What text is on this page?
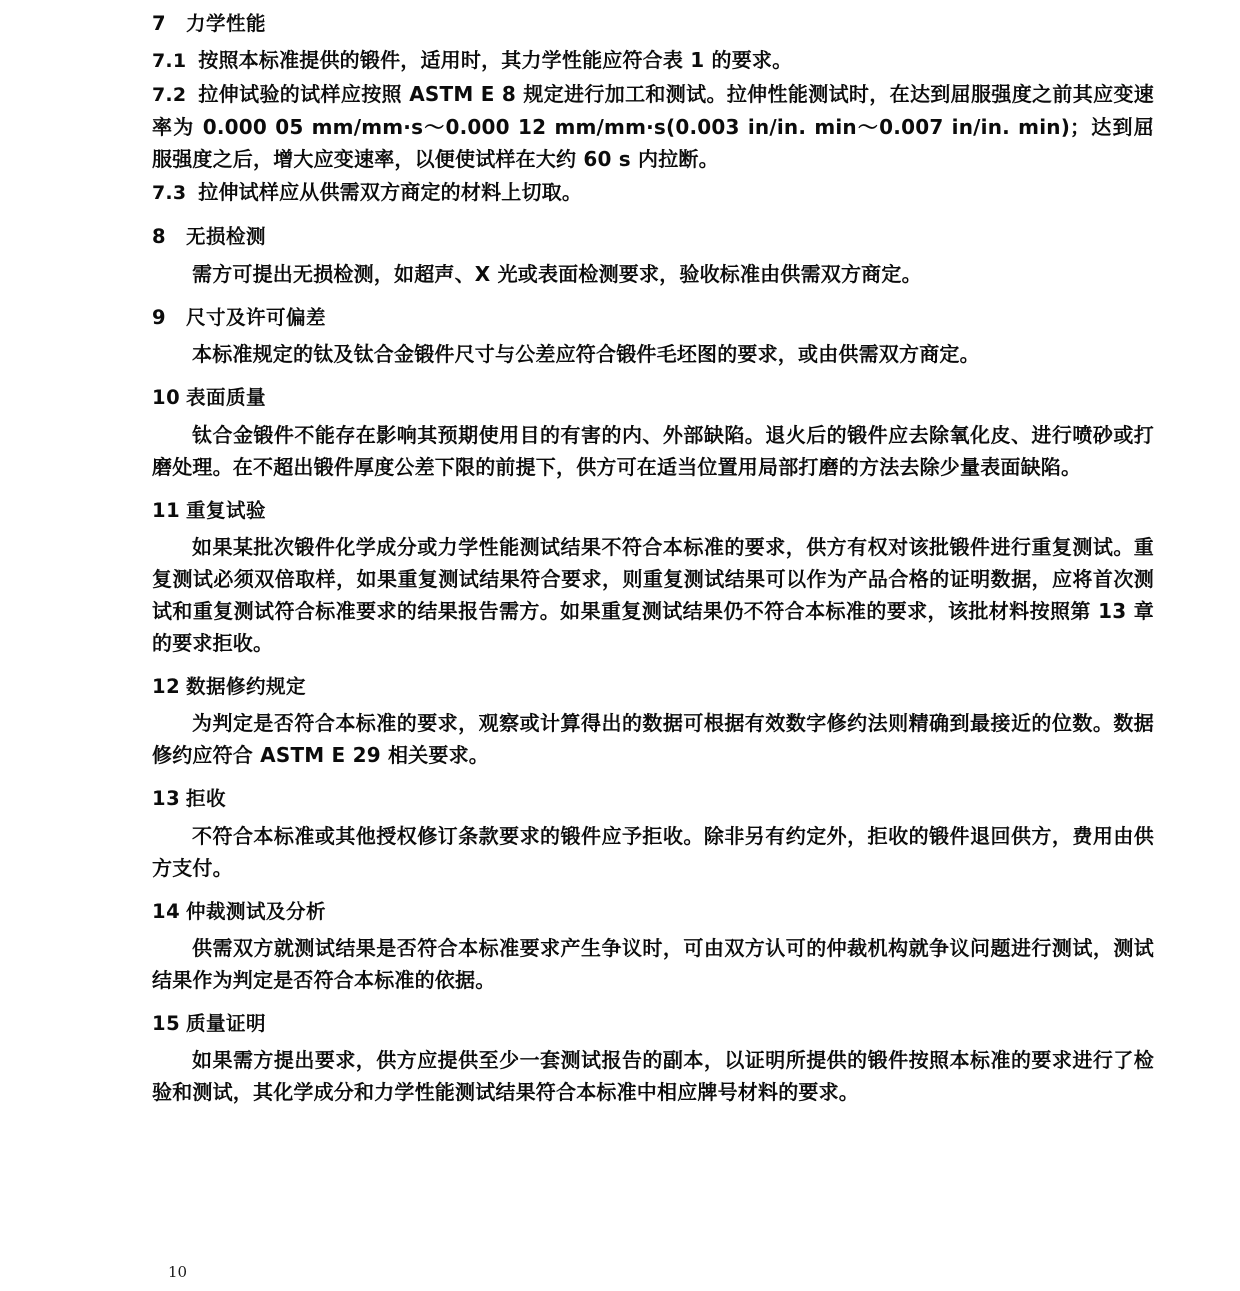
7 力学性能
7.1 按照本标准提供的锻件，适用时，其力学性能应符合表 1 的要求。
7.2 拉伸试验的试样应按照 ASTM E 8 规定进行加工和测试。拉伸性能测试时，在达到屈服强度之前其应变速率为 0.000 05 mm/mm·s～0.000 12 mm/mm·s(0.003 in/in. min～0.007 in/in. min)；达到屈服强度之后，增大应变速率，以便使试样在大约 60 s 内拉断。
7.3 拉伸试样应从供需双方商定的材料上切取。
8 无损检测
需方可提出无损检测，如超声、X 光或表面检测要求，验收标准由供需双方商定。
9 尺寸及许可偏差
本标准规定的钛及钛合金锻件尺寸与公差应符合锻件毛坯图的要求，或由供需双方商定。
10 表面质量
钛合金锻件不能存在影响其预期使用目的有害的内、外部缺陷。退火后的锻件应去除氧化皮、进行喷砂或打磨处理。在不超出锻件厚度公差下限的前提下，供方可在适当位置用局部打磨的方法去除少量表面缺陷。
11 重复试验
如果某批次锻件化学成分或力学性能测试结果不符合本标准的要求，供方有权对该批锻件进行重复测试。重复测试必须双倍取样，如果重复测试结果符合要求，则重复测试结果可以作为产品合格的证明数据，应将首次测试和重复测试符合标准要求的结果报告需方。如果重复测试结果仍不符合本标准的要求，该批材料按照第 13 章的要求拒收。
12 数据修约规定
为判定是否符合本标准的要求，观察或计算得出的数据可根据有效数字修约法则精确到最接近的位数。数据修约应符合 ASTM E 29 相关要求。
13 拒收
不符合本标准或其他授权修订条款要求的锻件应予拒收。除非另有约定外，拒收的锻件退回供方，费用由供方支付。
14 仲裁测试及分析
供需双方就测试结果是否符合本标准要求产生争议时，可由双方认可的仲裁机构就争议问题进行测试，测试结果作为判定是否符合本标准的依据。
15 质量证明
如果需方提出要求，供方应提供至少一套测试报告的副本，以证明所提供的锻件按照本标准的要求进行了检验和测试，其化学成分和力学性能测试结果符合本标准中相应牌号材料的要求。
10
